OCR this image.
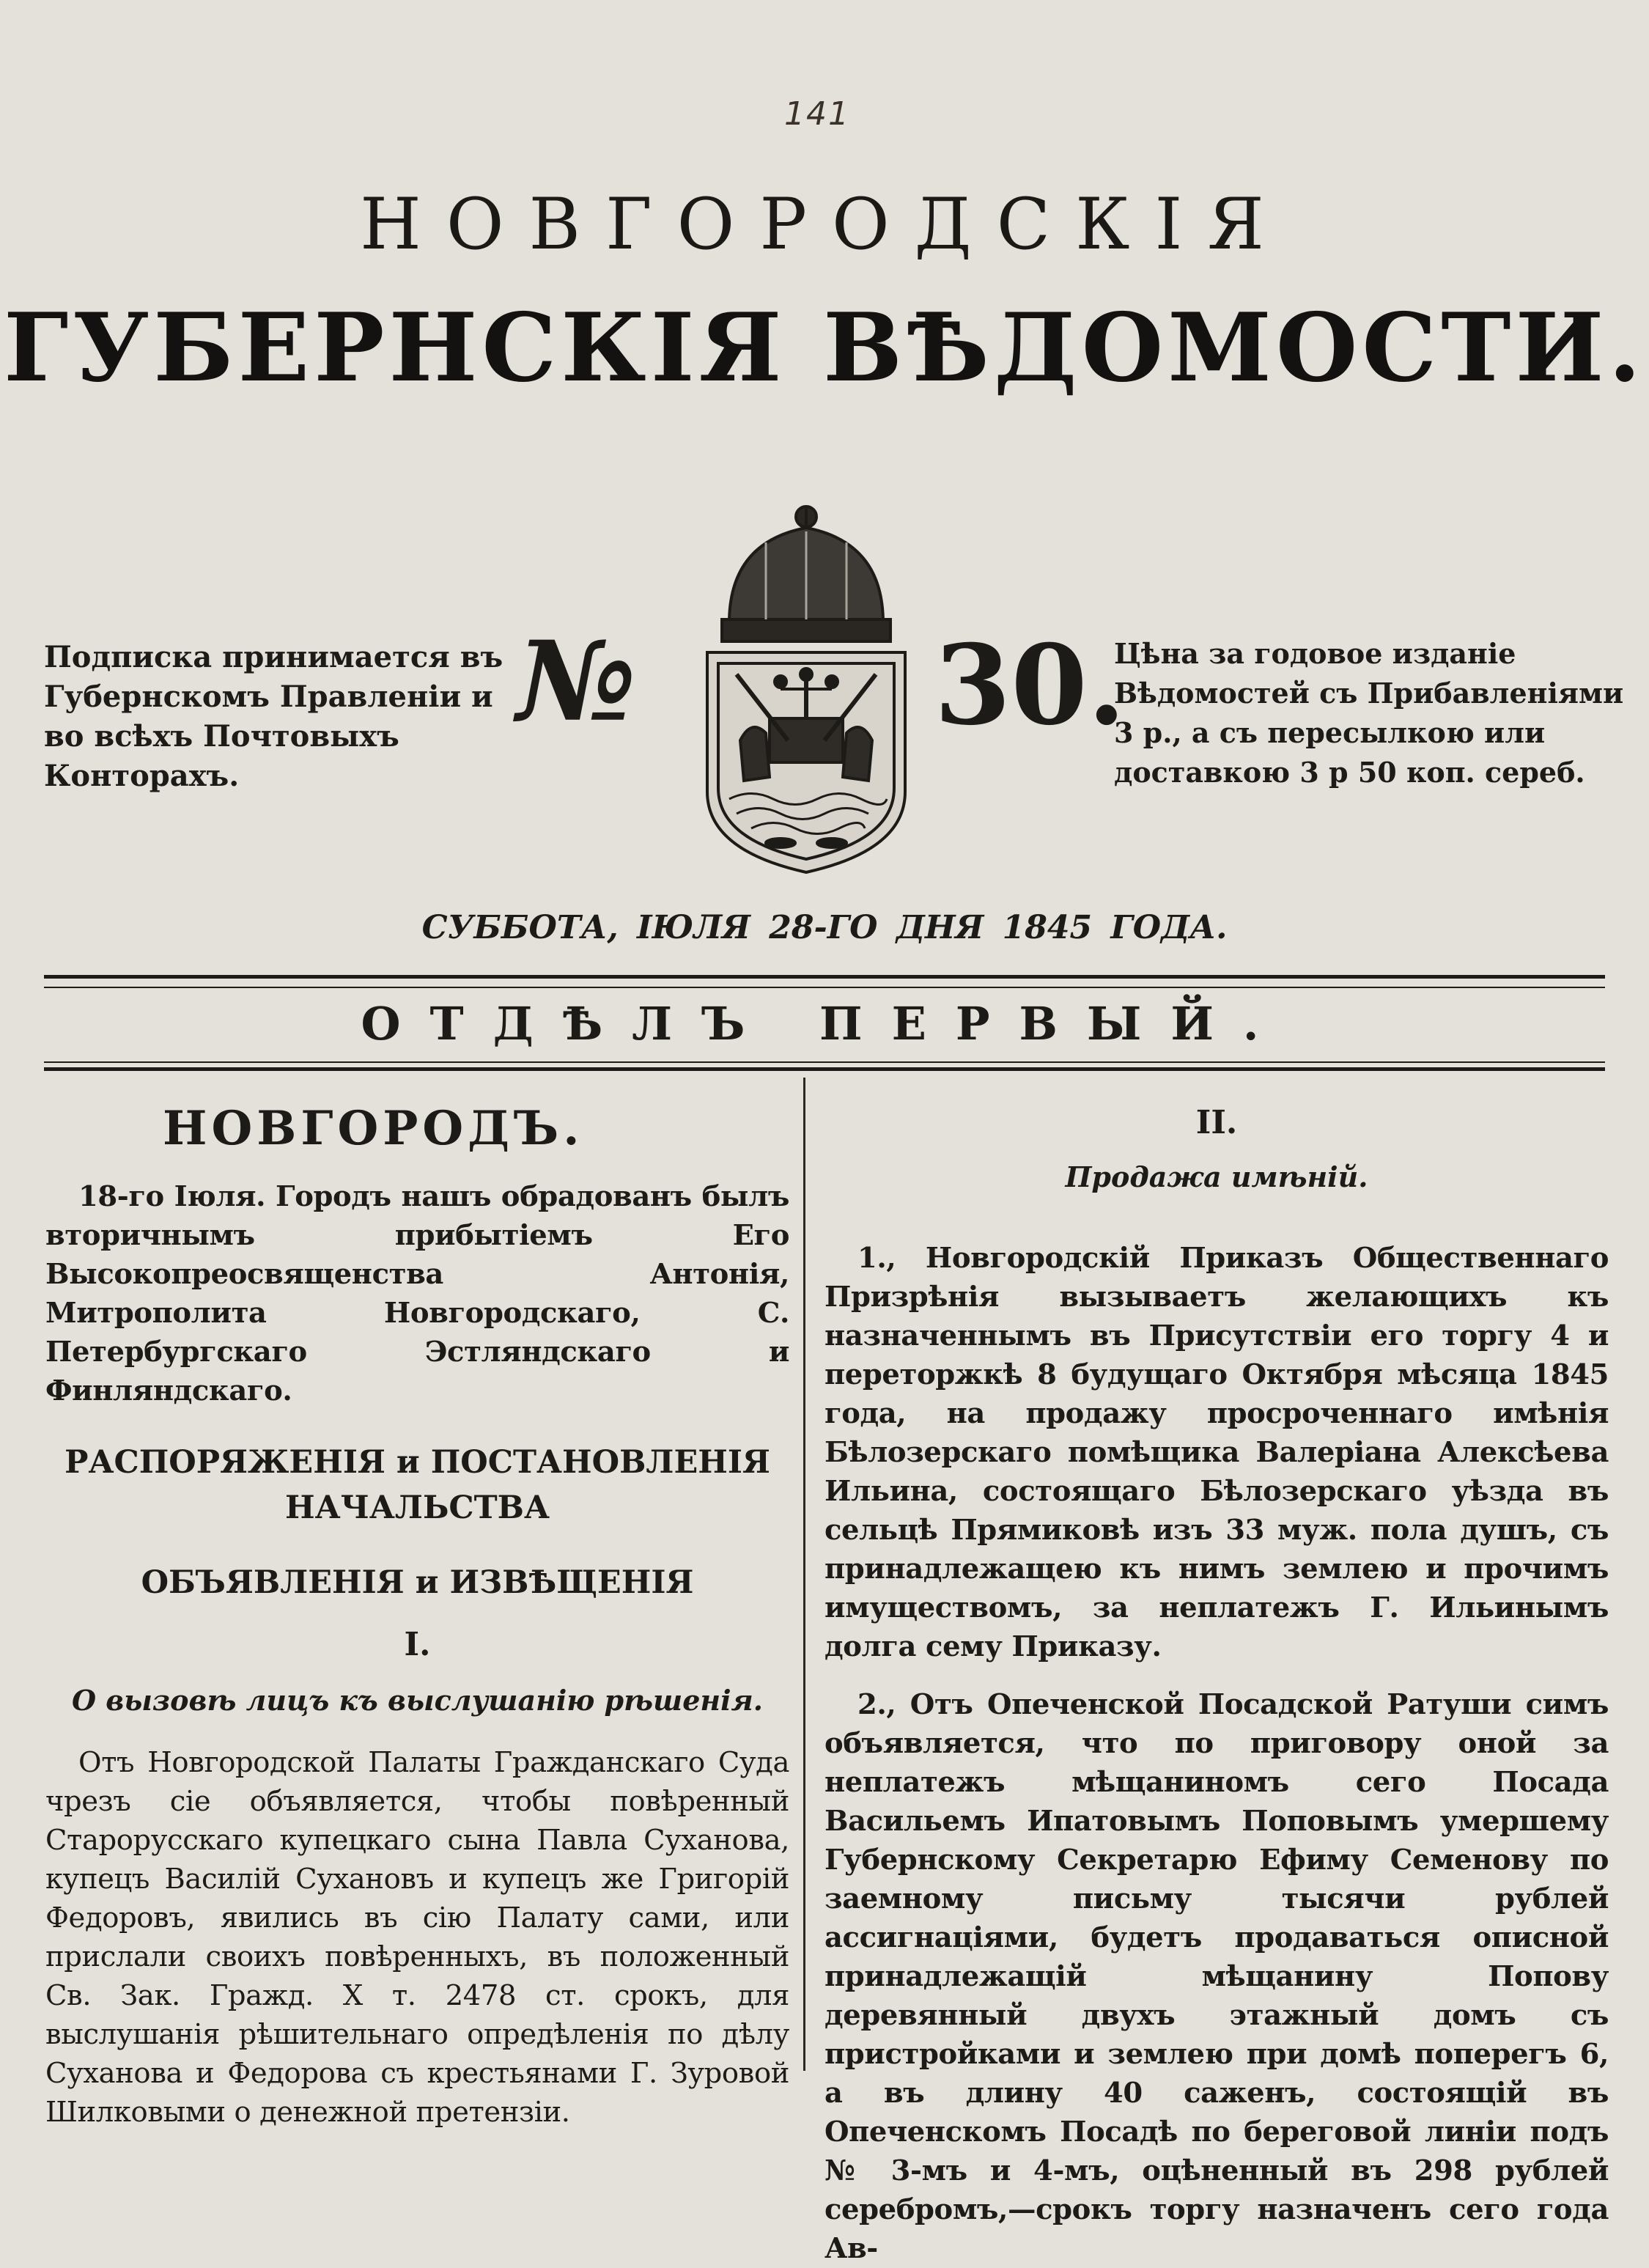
141
НОВГОРОДСКІЯ
ГУБЕРНСКІЯ ВѢДОМОСТИ.
Подписка принимается въ Губернскомъ Правленіи и во всѣхъ Почтовыхъ Конторахъ.
№	30.
Цѣна за годовое изданіе Вѣдомостей съ Прибавленіями 3 р., а съ пересылкою или доставкою 3 р 50 коп. сереб.
СУББОТА, ІЮЛЯ 28-ГО ДНЯ 1845 ГОДА.
ОТДѢЛЪ ПЕРВЫЙ.

НОВГОРОДЪ.

18-го Іюля. Городъ нашъ обрадованъ былъ вторичнымъ прибытіемъ Его Высокопреосвященства Антонія, Митрополита Новгородскаго, С. Петербургскаго Эстляндскаго и Финляндскаго.

РАСПОРЯЖЕНІЯ и ПОСТАНОВЛЕНІЯ НАЧАЛЬСТВА

ОБЪЯВЛЕНІЯ и ИЗВѢЩЕНІЯ

I.

О вызовѣ лицъ къ выслушанію рѣшенія.

Отъ Новгородской Палаты Гражданскаго Суда чрезъ сіе объявляется, чтобы повѣренный Старорусскаго купецкаго сына Павла Суханова, купецъ Василій Сухановъ и купецъ же Григорій Федоровъ, явились въ сію Палату сами, или прислали своихъ повѣренныхъ, въ положенный Св. Зак. Гражд. X т. 2478 ст. срокъ, для выслушанія рѣшительнаго опредѣленія по дѣлу Суханова и Федорова съ крестьянами Г. Зуровой Шилковыми о денежной претензіи.

II.

Продажа имѣній.

1., Новгородскій Приказъ Общественнаго Призрѣнія вызываетъ желающихъ къ назначеннымъ въ Присутствіи его торгу 4 и переторжкѣ 8 будущаго Октября мѣсяца 1845 года, на продажу просроченнаго имѣнія Бѣлозерскаго помѣщика Валеріана Алексѣева Ильина, состоящаго Бѣлозерскаго уѣзда въ сельцѣ Прямиковѣ изъ 33 муж. пола душъ, съ принадлежащею къ нимъ землею и прочимъ имуществомъ, за неплатежъ Г. Ильинымъ долга сему Приказу.

2., Отъ Опеченской Посадской Ратуши симъ объявляется, что по приговору оной за неплатежъ мѣщаниномъ сего Посада Васильемъ Ипатовымъ Поповымъ умершему Губернскому Секретарю Ефиму Семенову по заемному письму тысячи рублей ассигнаціями, будетъ продаваться описной принадлежащій мѣщанину Попову деревянный двухъ этажный домъ съ пристройками и землею при домѣ поперегъ 6, а въ длину 40 саженъ, состоящій въ Опеченскомъ Посадѣ по береговой линіи подъ № 3-мъ и 4-мъ, оцѣненный въ 298 рублей серебромъ,—срокъ торгу назначенъ сего года Ав-
